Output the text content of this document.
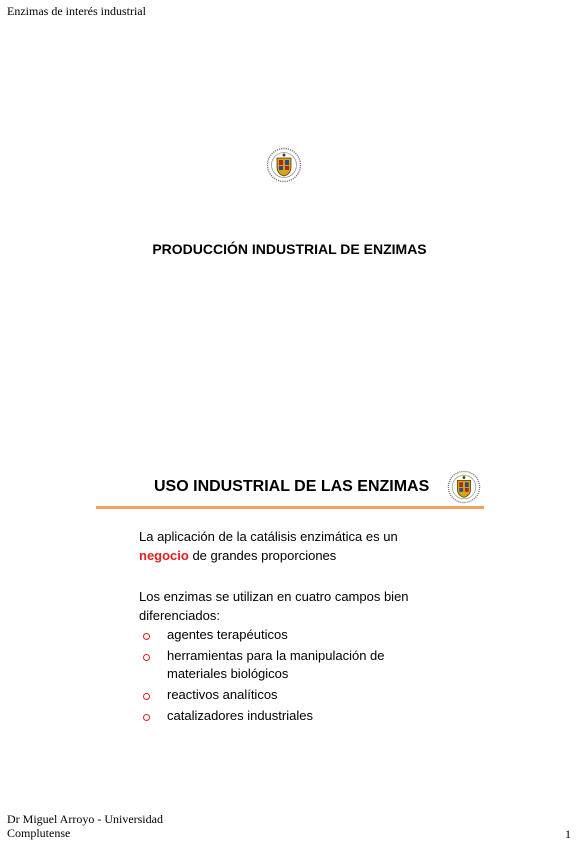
Enzimas de interés industrial
PRODUCCIÓN INDUSTRIAL DE ENZIMAS
USO INDUSTRIAL DE LAS ENZIMAS
La aplicación de la catálisis enzimática es un negocio de grandes proporciones
Los enzimas se utilizan en cuatro campos bien diferenciados:
agentes terapéuticos
herramientas para la manipulación de materiales biológicos
reactivos analíticos
catalizadores industriales
Dr Miguel Arroyo - Universidad Complutense	1
